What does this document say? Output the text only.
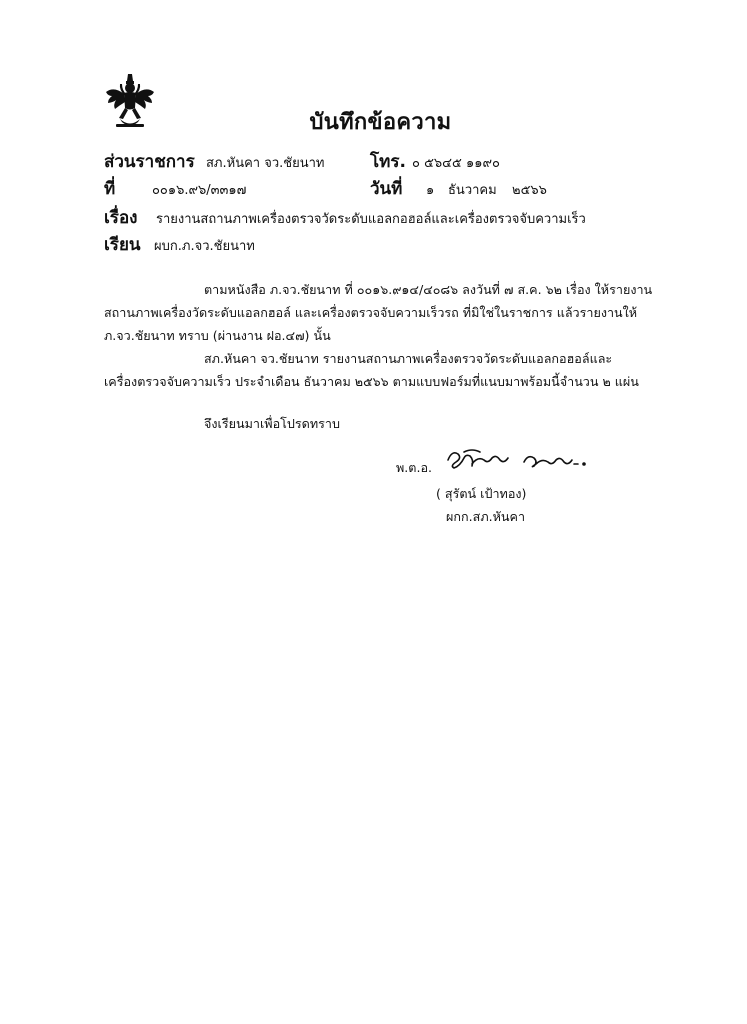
บันทึกข้อความ
ส่วนราชการ สภ.หันคา จว.ชัยนาท	โทร. ๐ ๕๖๔๕ ๑๑๙๐
ที่	๐๐๑๖.๙๖/๓๓๑๗	วันที่ ๑ ธันวาคม ๒๕๖๖
เรื่อง รายงานสถานภาพเครื่องตรวจวัดระดับแอลกอฮอล์และเครื่องตรวจจับความเร็ว
เรียน ผบก.ภ.จว.ชัยนาท
ตามหนังสือ ภ.จว.ชัยนาท ที่ ๐๐๑๖.๙๑๔/๔๐๘๖ ลงวันที่ ๗ ส.ค. ๖๒ เรื่อง ให้รายงาน
สถานภาพเครื่องวัดระดับแอลกฮอล์ และเครื่องตรวจจับความเร็วรถ ที่มิใช่ในราชการ แล้วรายงานให้
ภ.จว.ชัยนาท ทราบ (ผ่านงาน ฝอ.๔๗) นั้น
สภ.หันคา จว.ชัยนาท รายงานสถานภาพเครื่องตรวจวัดระดับแอลกอฮอล์และ
เครื่องตรวจจับความเร็ว ประจำเดือน ธันวาคม ๒๕๖๖ ตามแบบฟอร์มที่แนบมาพร้อมนี้จำนวน ๒ แผ่น
จึงเรียนมาเพื่อโปรดทราบ
พ.ต.อ.
( สุรัตน์ เป้าทอง)
ผกก.สภ.หันคา
